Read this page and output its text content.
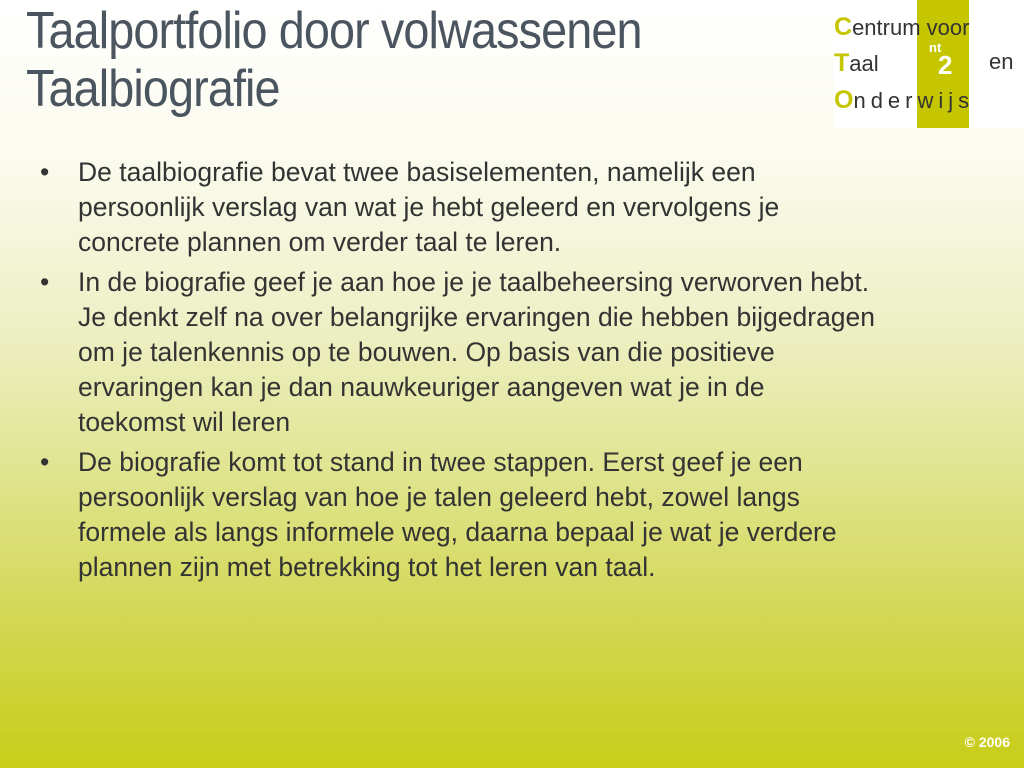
Taalportfolio door volwassenen
Taalbiografie
nt
2
Centrum voor
Taal	en
Onderwijs
• De taalbiografie bevat twee basiselementen, namelijk een persoonlijk verslag van wat je hebt geleerd en vervolgens je concrete plannen om verder taal te leren.
• In de biografie geef je aan hoe je je taalbeheersing verworven hebt. Je denkt zelf na over belangrijke ervaringen die hebben bijgedragen om je talenkennis op te bouwen. Op basis van die positieve ervaringen kan je dan nauwkeuriger aangeven wat je in de toekomst wil leren
• De biografie komt tot stand in twee stappen. Eerst geef je een persoonlijk verslag van hoe je talen geleerd hebt, zowel langs formele als langs informele weg, daarna bepaal je wat je verdere plannen zijn met betrekking tot het leren van taal.
© 2006
